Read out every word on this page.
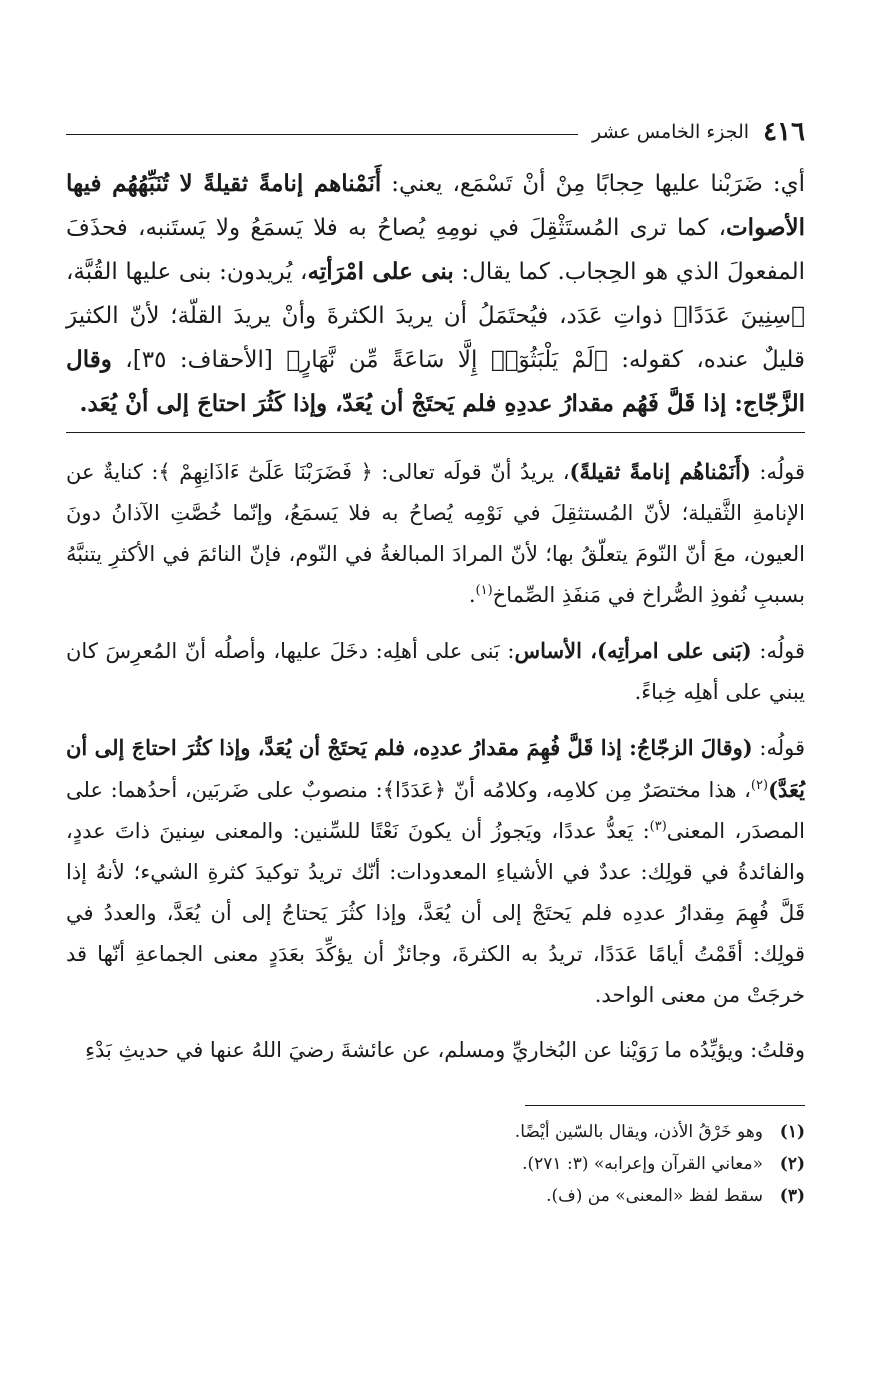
٤١٦
الجزء الخامس عشر
أي: ضَرَبْنا عليها حِجابًا مِنْ أنْ تَسْمَع، يعني: أَنَمْناهم إنامةً ثقيلةً لا تُنَبِّهُهُم فيها الأصوات، كما ترى المُستَثْقِلَ في نومِهِ يُصاحُ به فلا يَسمَعُ ولا يَستَنبه، فحذَفَ المفعولَ الذي هو الحِجاب. كما يقال: بنى على امْرَأتِه، يُريدون: بنى عليها القُبَّة، ﴿سِنِينَ عَدَدًا﴾ ذواتِ عَدَد، فيُحتَمَلُ أن يريدَ الكثرةَ وأنْ يريدَ القلّة؛ لأنّ الكثيرَ قليلٌ عنده، كقوله: ﴿لَمْ يَلْبَثُوٓا۟ إِلَّا سَاعَةً مِّن نَّهَارٍ﴾ [الأحقاف: ٣٥]، وقال الزَّجّاج: إذا قَلَّ فَهُم مقدارُ عددِهِ فلم يَحتَجْ أن يُعَدّ، وإذا كَثُرَ احتاجَ إلى أنْ يُعَد.

قولُه: (أَنَمْناهُم إنامةً ثقيلةً)، يريدُ أنّ قولَه تعالى: ﴿ فَضَرَبْنَا عَلَىٰٓ ءَاذَانِهِمْ ﴾: كنايةٌ عن الإنامةِ الثَّقيلة؛ لأنّ المُستثقِلَ في نَوْمِه يُصاحُ به فلا يَسمَعُ، وإنّما خُصَّتِ الآذانُ دونَ العيون، معَ أنّ النّومَ يتعلّقُ بها؛ لأنّ المرادَ المبالغةُ في النّوم، فإنّ النائمَ في الأكثرِ يتنبَّهُ بسببِ نُفوذِ الصُّراخ في مَنفَذِ الصِّماخ$^{(١)}$.

قولُه: (بَنى على امرأتِه)، الأساس: بَنى على أهلِه: دخَلَ عليها، وأصلُه أنّ المُعرِسَ كان يبني على أهلِه خِباءً.

قولُه: (وقالَ الزجّاجُ: إذا قَلَّ فُهِمَ مقدارُ عددِه، فلم يَحتَجْ أن يُعَدَّ، وإذا كثُرَ احتاجَ إلى أن يُعَدَّ)$^{(٢)}$، هذا مختصَرٌ مِن كلامِه، وكلامُه أنّ ﴿عَدَدًا﴾: منصوبٌ على ضَربَين، أحدُهما: على المصدَر، المعنى$^{(٣)}$: يَعدُّ عددًا، ويَجوزُ أن يكونَ نَعْتًا للسِّنين: والمعنى سِنينَ ذاتَ عددٍ، والفائدةُ في قولِك: عددٌ في الأشياءِ المعدودات: أنّك تريدُ توكيدَ كثرةِ الشيء؛ لأنهُ إذا قَلَّ فُهِمَ مِقدارُ عددِه فلم يَحتَجْ إلى أن يُعَدَّ، وإذا كثُرَ يَحتاجُ إلى أن يُعَدَّ، والعددُ في قولِك: أقَمْتُ أيامًا عَدَدًا، تريدُ به الكثرةَ، وجائزٌ أن يؤكِّدَ بعَدَدٍ معنى الجماعةِ أنّها قد خرجَتْ من معنى الواحد.

وقلتُ: ويؤيِّدُه ما رَوَيْنا عن البُخاريِّ ومسلم، عن عائشةَ رضيَ اللهُ عنها في حديثِ بَدْءِ

(١)
وهو خَرْقُ الأذن، ويقال بالسّين أيْضًا.
(٢)
«معاني القرآن وإعرابه» (٣: ٢٧١).
(٣)
سقط لفظ «المعنى» من (ف).
